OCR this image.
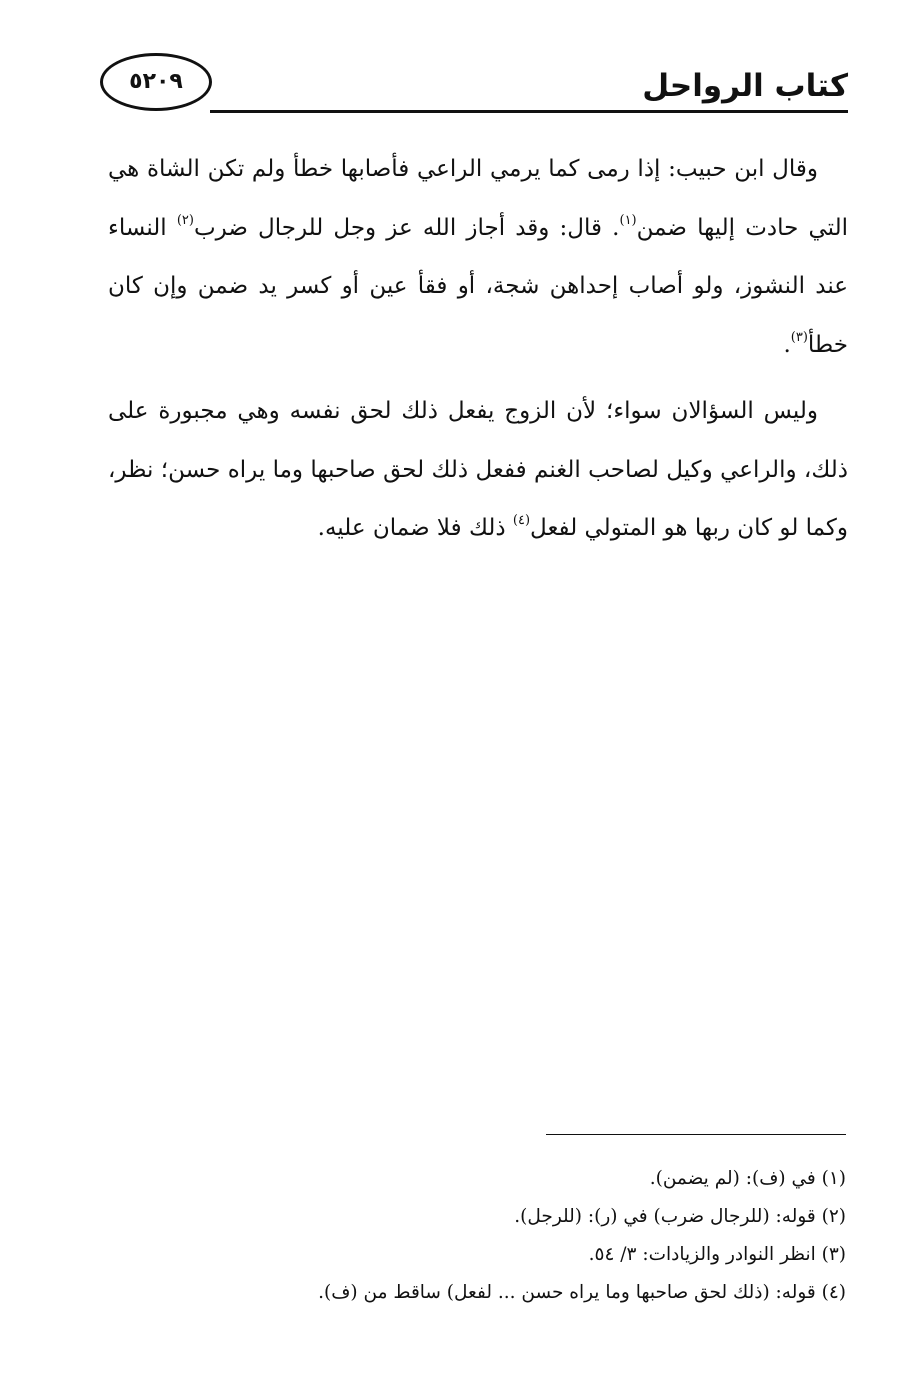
٥٢٠٩	كتاب الرواحل

وقال ابن حبيب: إذا رمى كما يرمي الراعي فأصابها خطأ ولم تكن الشاة هي التي حادت إليها ضمن$^{(١)}$. قال: وقد أجاز الله عز وجل للرجال ضرب$^{(٢)}$ النساء عند النشوز، ولو أصاب إحداهن شجة، أو فقأ عين أو كسر يد ضمن وإن كان خطأ$^{(٣)}$.

وليس السؤالان سواء؛ لأن الزوج يفعل ذلك لحق نفسه وهي مجبورة على ذلك، والراعي وكيل لصاحب الغنم ففعل ذلك لحق صاحبها وما يراه حسن؛ نظر، وكما لو كان ربها هو المتولي لفعل$^{(٤)}$ ذلك فلا ضمان عليه.

(١) في (ف): (لم يضمن).

(٢) قوله: (للرجال ضرب) في (ر): (للرجل).

(٣) انظر النوادر والزيادات: ٣/ ٥٤.

(٤) قوله: (ذلك لحق صاحبها وما يراه حسن ... لفعل) ساقط من (ف).
